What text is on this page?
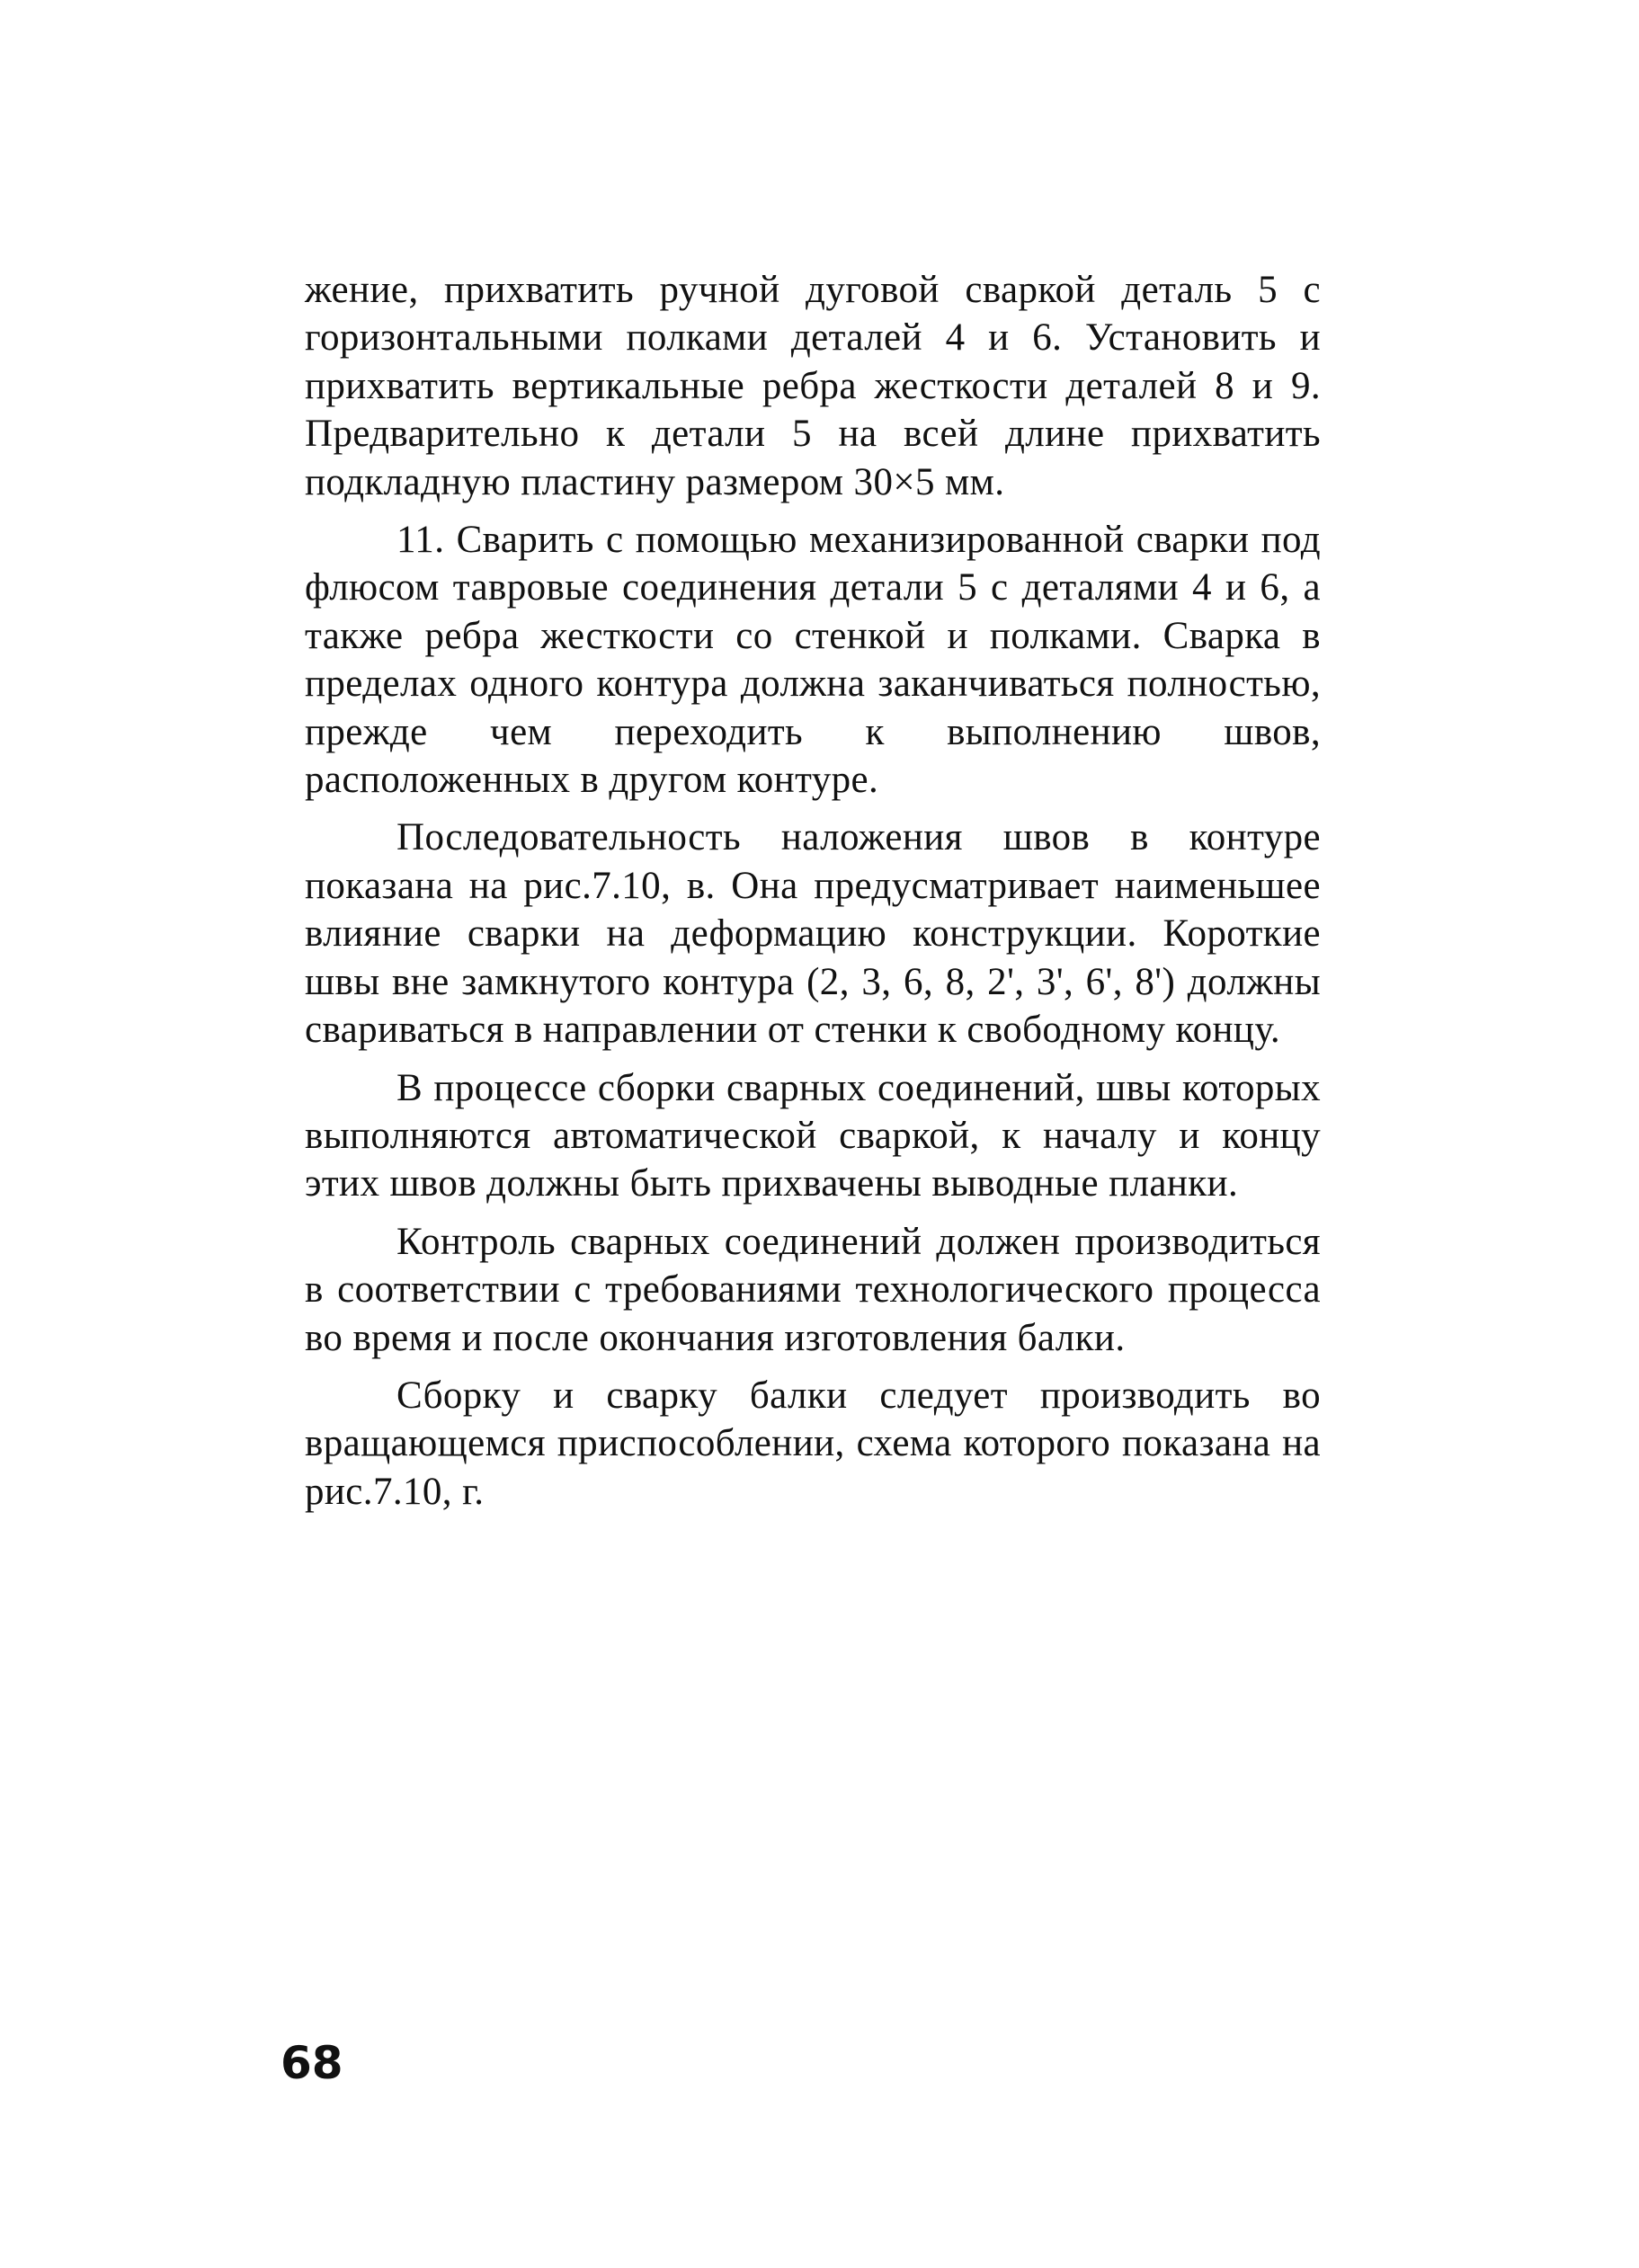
жение, прихватить ручной дуговой сваркой деталь 5 с горизонтальными полками деталей 4 и 6. Установить и прихватить вертикальные ребра жесткости деталей 8 и 9. Предварительно к детали 5 на всей длине прихватить подкладную пластину размером 30×5 мм.

11. Сварить с помощью механизированной сварки под флюсом тавровые соединения детали 5 с деталями 4 и 6, а также ребра жесткости со стенкой и полками. Сварка в пределах одного контура должна заканчиваться полностью, прежде чем переходить к выполнению швов, расположенных в другом контуре.

Последовательность наложения швов в контуре показана на рис.7.10, в. Она предусматривает наименьшее влияние сварки на деформацию конструкции. Короткие швы вне замкнутого контура (2, 3, 6, 8, 2', 3', 6', 8') должны свариваться в направлении от стенки к свободному концу.

В процессе сборки сварных соединений, швы которых выполняются автоматической сваркой, к началу и концу этих швов должны быть прихвачены выводные планки.

Контроль сварных соединений должен производиться в соответствии с требованиями технологического процесса во время и после окончания изготовления балки.

Сборку и сварку балки следует производить во вращающемся приспособлении, схема которого показана на рис.7.10, г.

68
